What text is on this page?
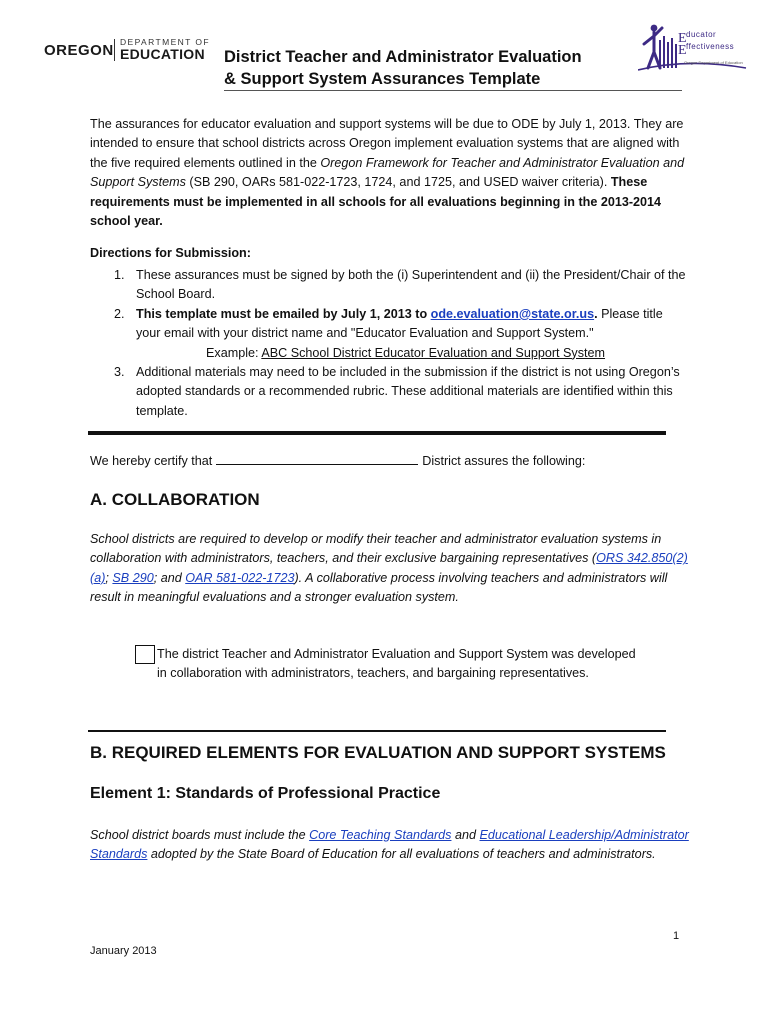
OREGON DEPARTMENT OF
EDUCATION District Teacher and Administrator Evaluation
& Support System Assurances Template
E
E
ducator
ffectiveness
Oregon Department of Education
The assurances for educator evaluation and support systems will be due to ODE by July 1, 2013. They are intended to ensure that school districts across Oregon implement evaluation systems that are aligned with the five required elements outlined in the Oregon Framework for Teacher and Administrator Evaluation and Support Systems (SB 290, OARs 581-022-1723, 1724, and 1725, and USED waiver criteria). These requirements must be implemented in all schools for all evaluations beginning in the 2013-2014 school year.
Directions for Submission:
1. These assurances must be signed by both the (i) Superintendent and (ii) the President/Chair of the School Board.
2. This template must be emailed by July 1, 2013 to ode.evaluation@state.or.us. Please title your email with your district name and "Educator Evaluation and Support System."
Example: ABC School District Educator Evaluation and Support System
3. Additional materials may need to be included in the submission if the district is not using Oregon’s adopted standards or a recommended rubric. These additional materials are identified within this template.
We hereby certify that	District assures the following:
A. COLLABORATION
School districts are required to develop or modify their teacher and administrator evaluation systems in collaboration with administrators, teachers, and their exclusive bargaining representatives (ORS 342.850(2)(a); SB 290; and OAR 581-022-1723). A collaborative process involving teachers and administrators will result in meaningful evaluations and a stronger evaluation system.
The district Teacher and Administrator Evaluation and Support System was developed in collaboration with administrators, teachers, and bargaining representatives.
B. REQUIRED ELEMENTS FOR EVALUATION AND SUPPORT SYSTEMS
Element 1: Standards of Professional Practice
School district boards must include the Core Teaching Standards and Educational Leadership/Administrator Standards adopted by the State Board of Education for all evaluations of teachers and administrators.
1
January 2013
